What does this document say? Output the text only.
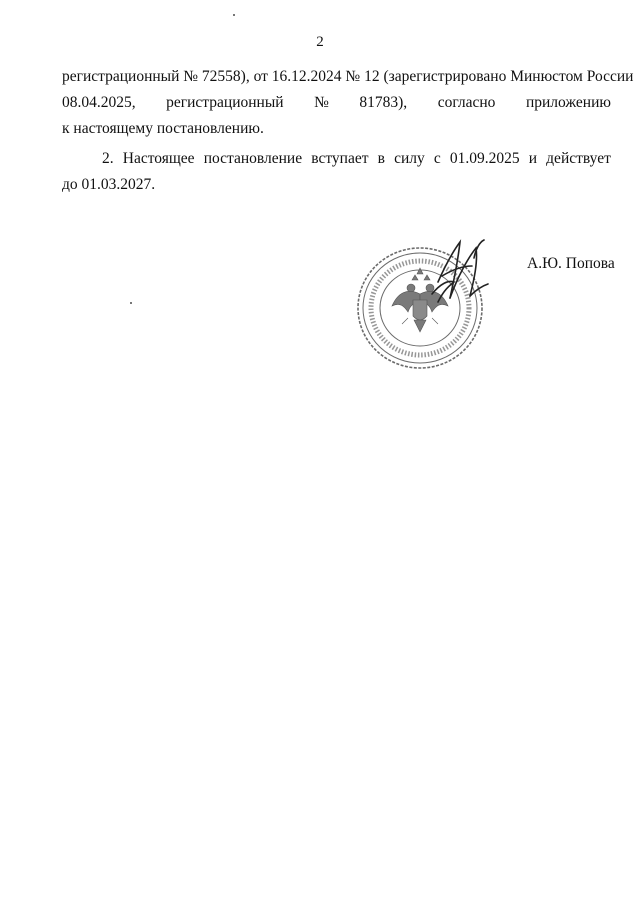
2
регистрационный № 72558), от 16.12.2024 № 12 (зарегистрировано Минюстом России
08.04.2025, регистрационный № 81783), согласно приложению
к настоящему постановлению.
2. Настоящее постановление вступает в силу с 01.09.2025 и действует
до 01.03.2027.
А.Ю. Попова
